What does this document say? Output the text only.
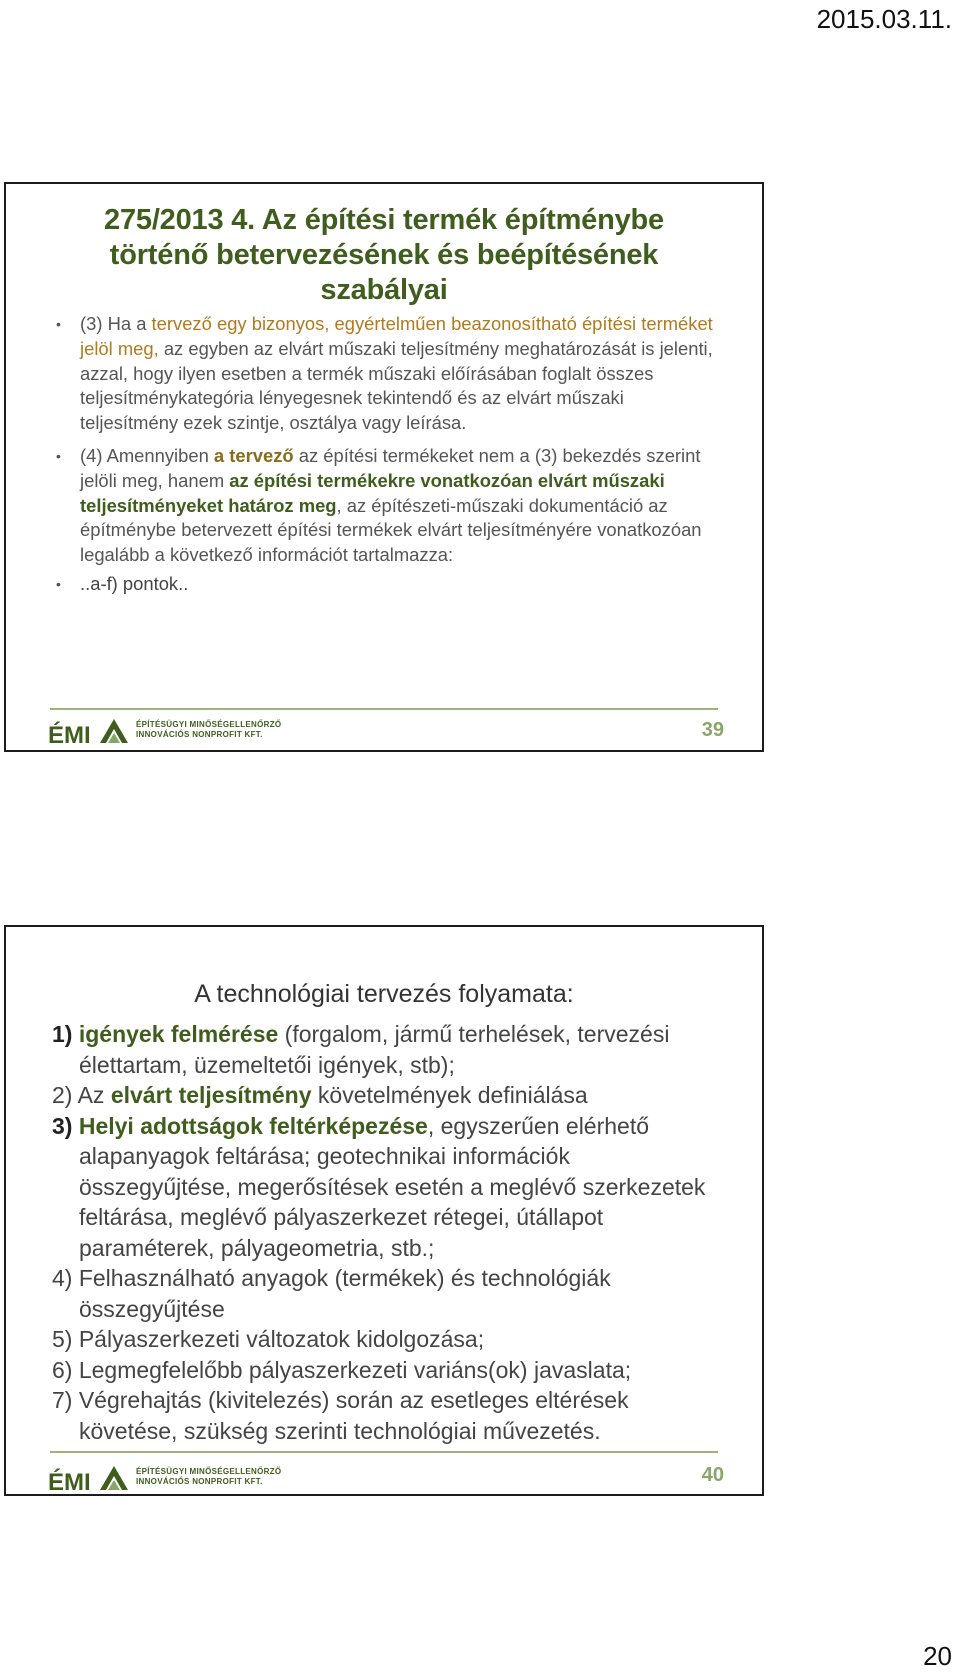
2015.03.11.
275/2013 4. Az építési termék építménybe
történő betervezésének és beépítésének
szabályai
• (3) Ha a tervező egy bizonyos, egyértelműen beazonosítható építési terméket jelöl meg, az egyben az elvárt műszaki teljesítmény meghatározását is jelenti, azzal, hogy ilyen esetben a termék műszaki előírásában foglalt összes teljesítménykategória lényegesnek tekintendő és az elvárt műszaki teljesítmény ezek szintje, osztálya vagy leírása.
• (4) Amennyiben a tervező az építési termékeket nem a (3) bekezdés szerint jelöli meg, hanem az építési termékekre vonatkozóan elvárt műszaki teljesítményeket határoz meg, az építészeti-műszaki dokumentáció az építménybe betervezett építési termékek elvárt teljesítményére vonatkozóan legalább a következő információt tartalmazza:
• ..a-f) pontok..
ÉMI	ÉPÍTÉSÜGYI MINŐSÉGELLENŐRZŐ
INNOVÁCIÓS NONPROFIT KFT.	39
A technológiai tervezés folyamata:
1) igények felmérése (forgalom, jármű terhelések, tervezési élettartam, üzemeltetői igények, stb);
2) Az elvárt teljesítmény követelmények definiálása
3) Helyi adottságok feltérképezése, egyszerűen elérhető alapanyagok feltárása; geotechnikai információk összegyűjtése, megerősítések esetén a meglévő szerkezetek feltárása, meglévő pályaszerkezet rétegei, útállapot paraméterek, pályageometria, stb.;
4) Felhasználható anyagok (termékek) és technológiák összegyűjtése
5) Pályaszerkezeti változatok kidolgozása;
6) Legmegfelelőbb pályaszerkezeti variáns(ok) javaslata;
7) Végrehajtás (kivitelezés) során az esetleges eltérések követése, szükség szerinti technológiai művezetés.
ÉMI	ÉPÍTÉSÜGYI MINŐSÉGELLENŐRZŐ
INNOVÁCIÓS NONPROFIT KFT.	40
20
